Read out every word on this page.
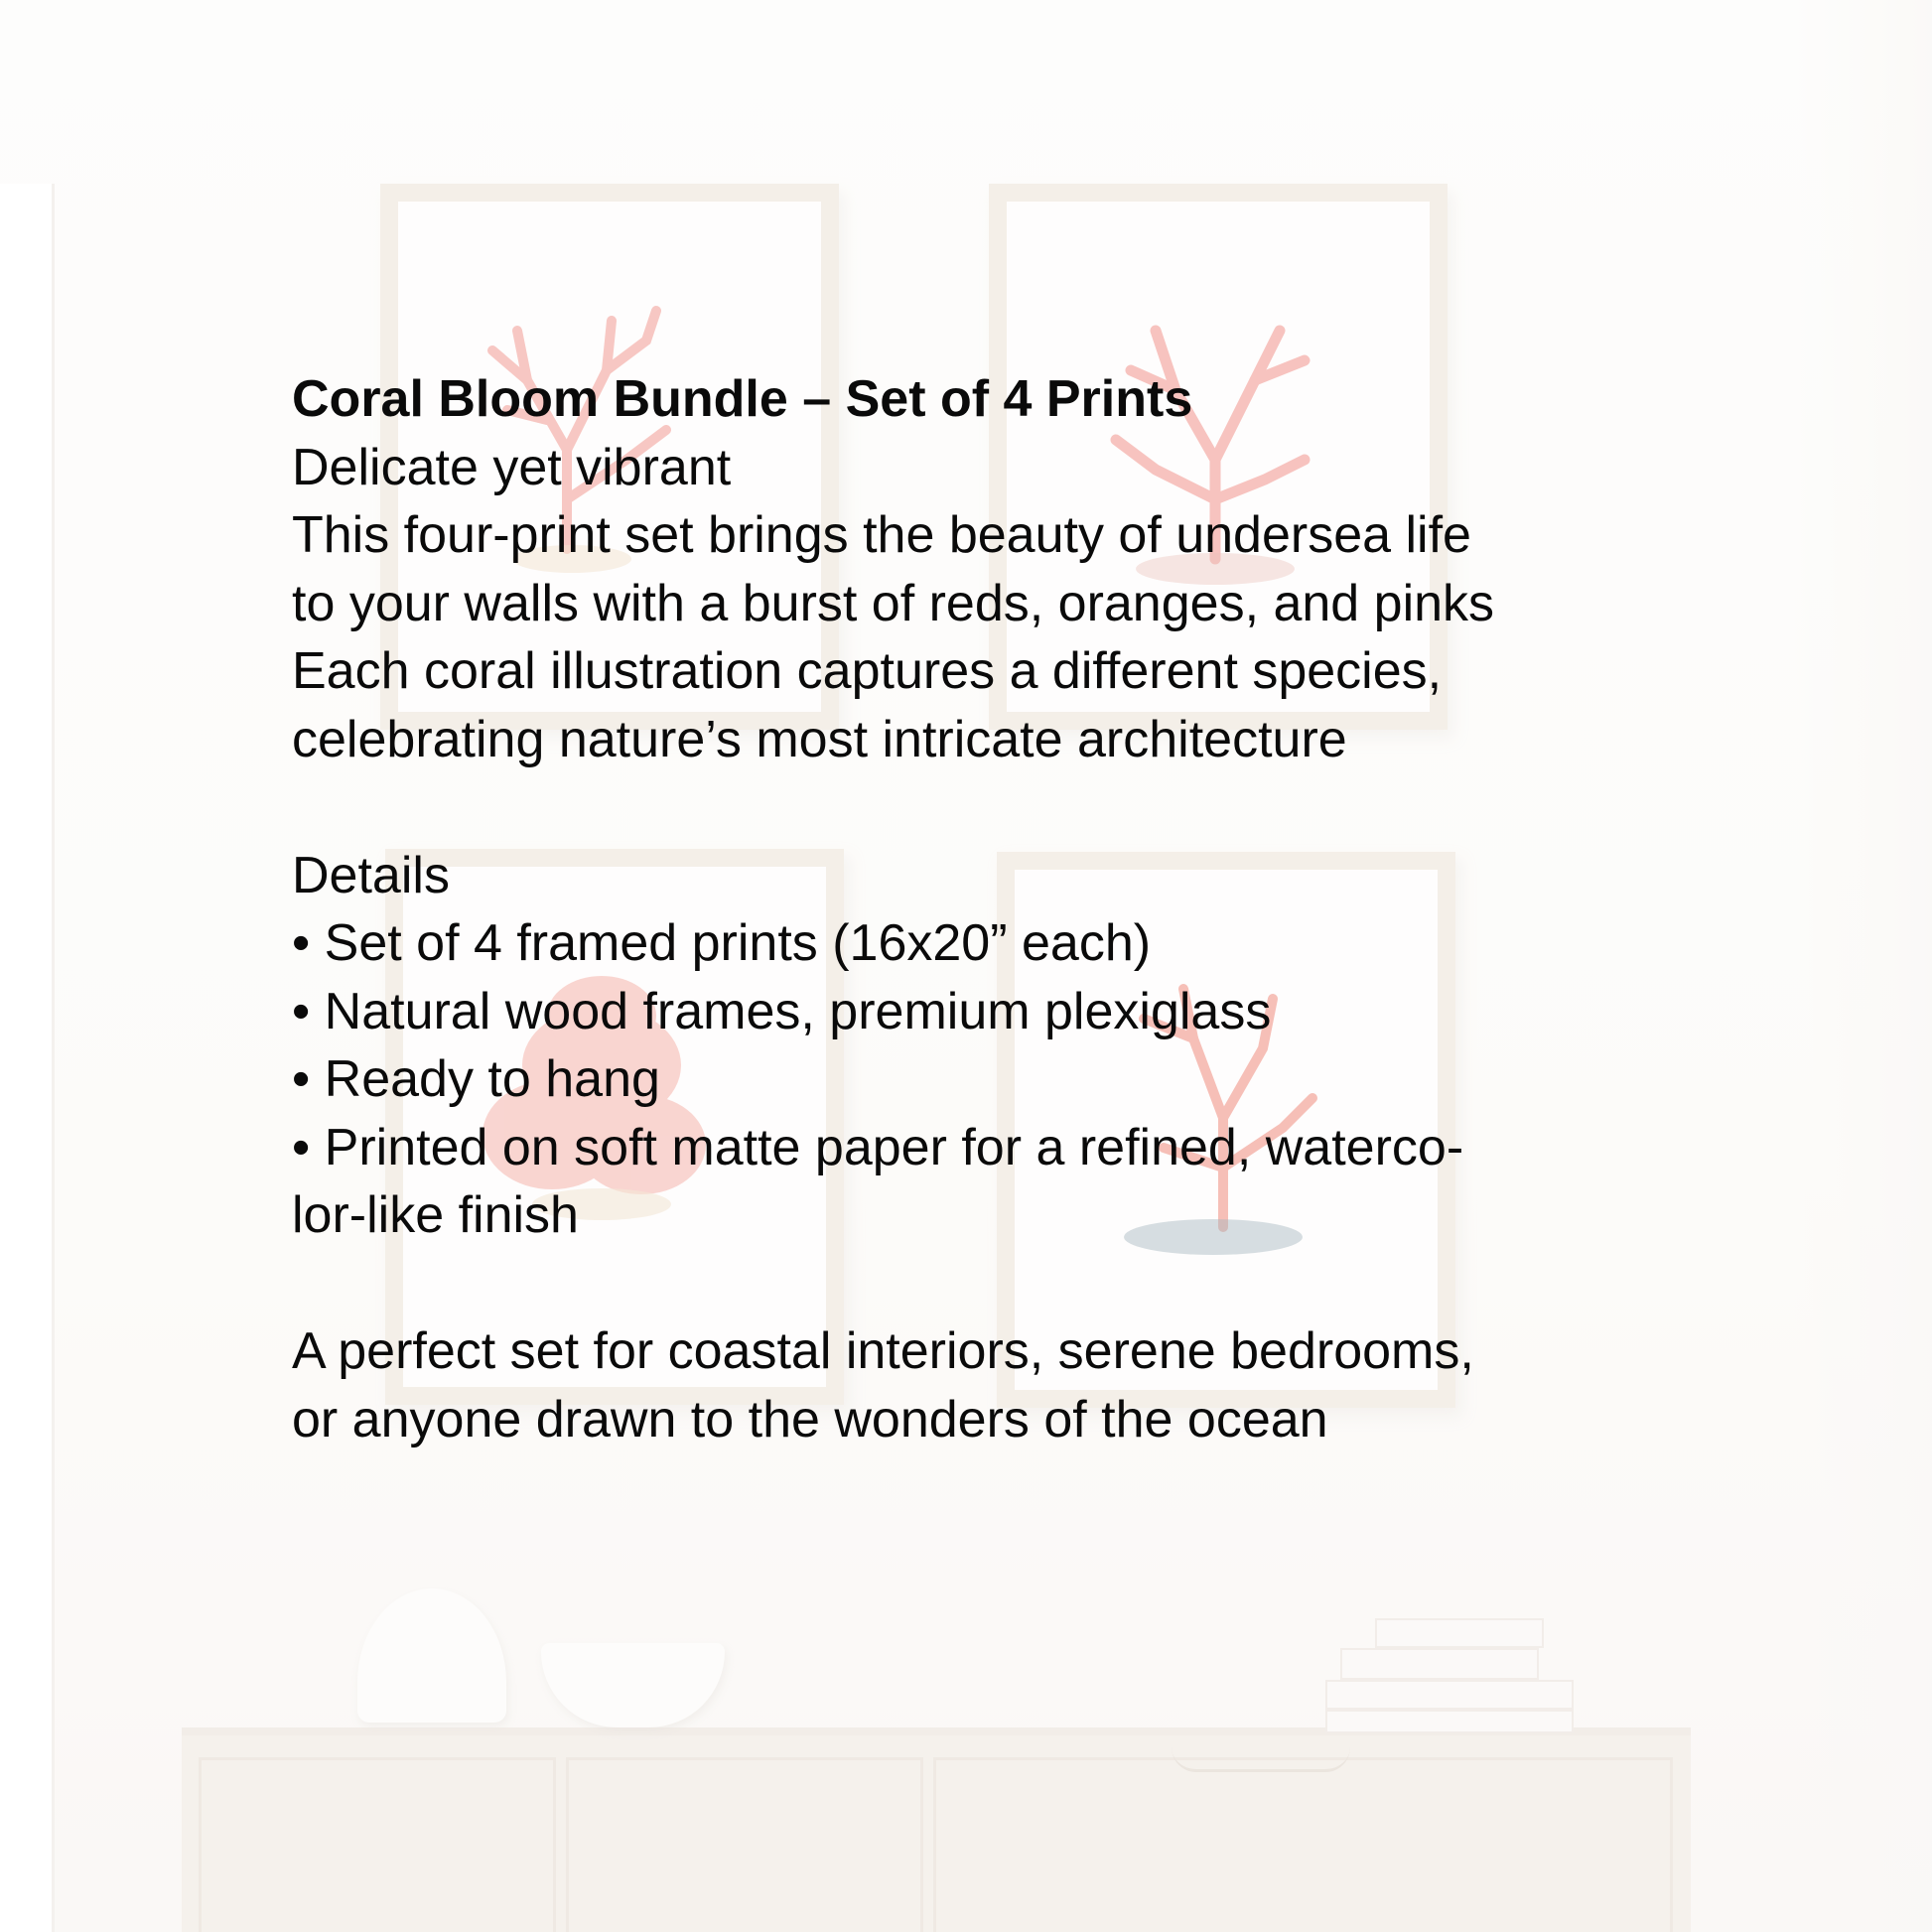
Coral Bloom Bundle – Set of 4 Prints

Delicate yet vibrant

This four-print set brings the beauty of undersea life

to your walls with a burst of reds, oranges, and pinks

Each coral illustration captures a different species,

celebrating nature’s most intricate architecture

Details

• Set of 4 framed prints (16x20” each)

• Natural wood frames, premium plexiglass

• Ready to hang

• Printed on soft matte paper for a refined, waterco-

lor-like finish

A perfect set for coastal interiors, serene bedrooms,

or anyone drawn to the wonders of the ocean
